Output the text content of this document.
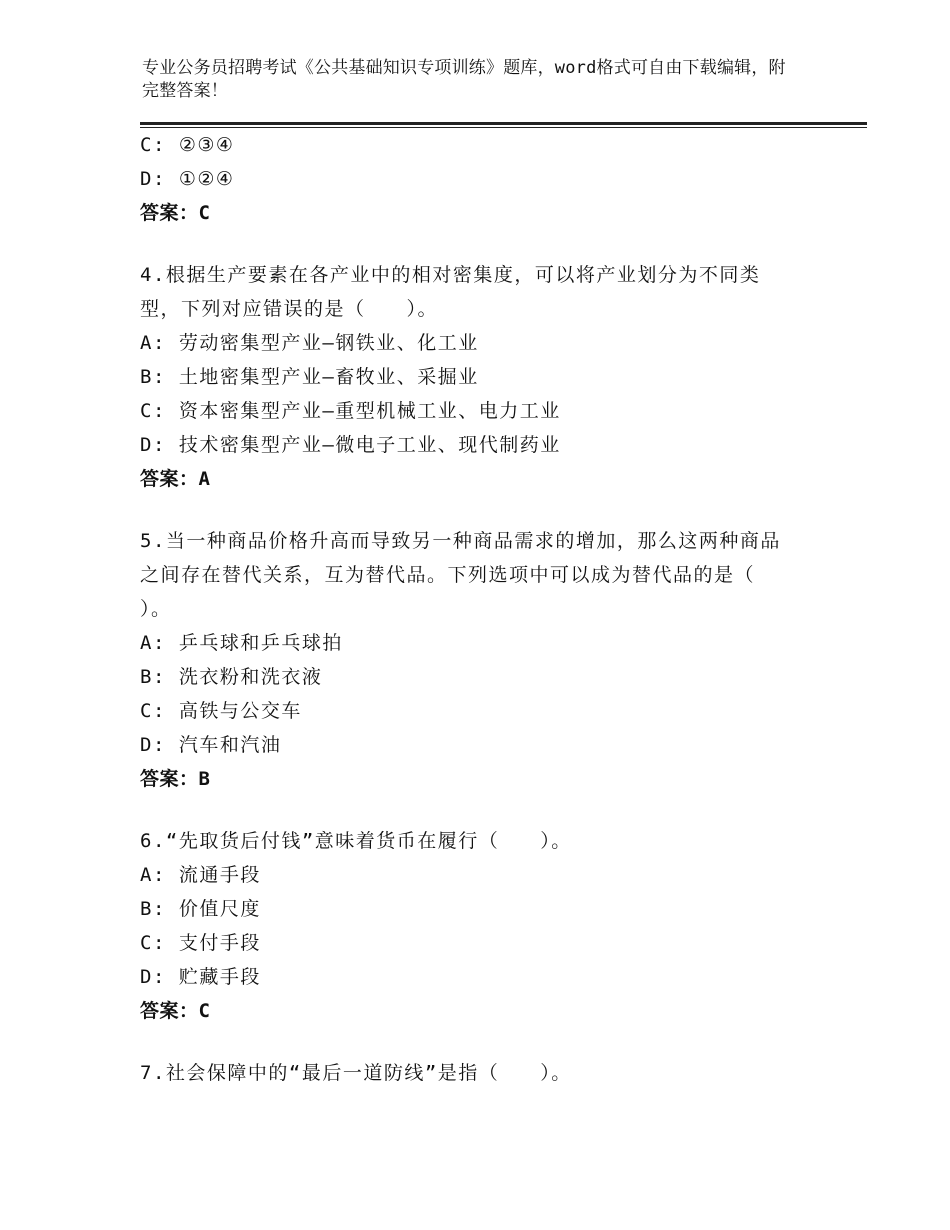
专业公务员招聘考试《公共基础知识专项训练》题库，word格式可自由下载编辑，附完整答案！
C: ②③④
D: ①②④
答案：C
4.根据生产要素在各产业中的相对密集度，可以将产业划分为不同类型，下列对应错误的是（　　）。
A: 劳动密集型产业—钢铁业、化工业
B: 土地密集型产业—畜牧业、采掘业
C: 资本密集型产业—重型机械工业、电力工业
D: 技术密集型产业—微电子工业、现代制药业
答案：A
5.当一种商品价格升高而导致另一种商品需求的增加，那么这两种商品之间存在替代关系，互为替代品。下列选项中可以成为替代品的是（　　）。
A: 乒乓球和乒乓球拍
B: 洗衣粉和洗衣液
C: 高铁与公交车
D: 汽车和汽油
答案：B
6.“先取货后付钱”意味着货币在履行（　　）。
A: 流通手段
B: 价值尺度
C: 支付手段
D: 贮藏手段
答案：C
7.社会保障中的“最后一道防线”是指（　　）。
